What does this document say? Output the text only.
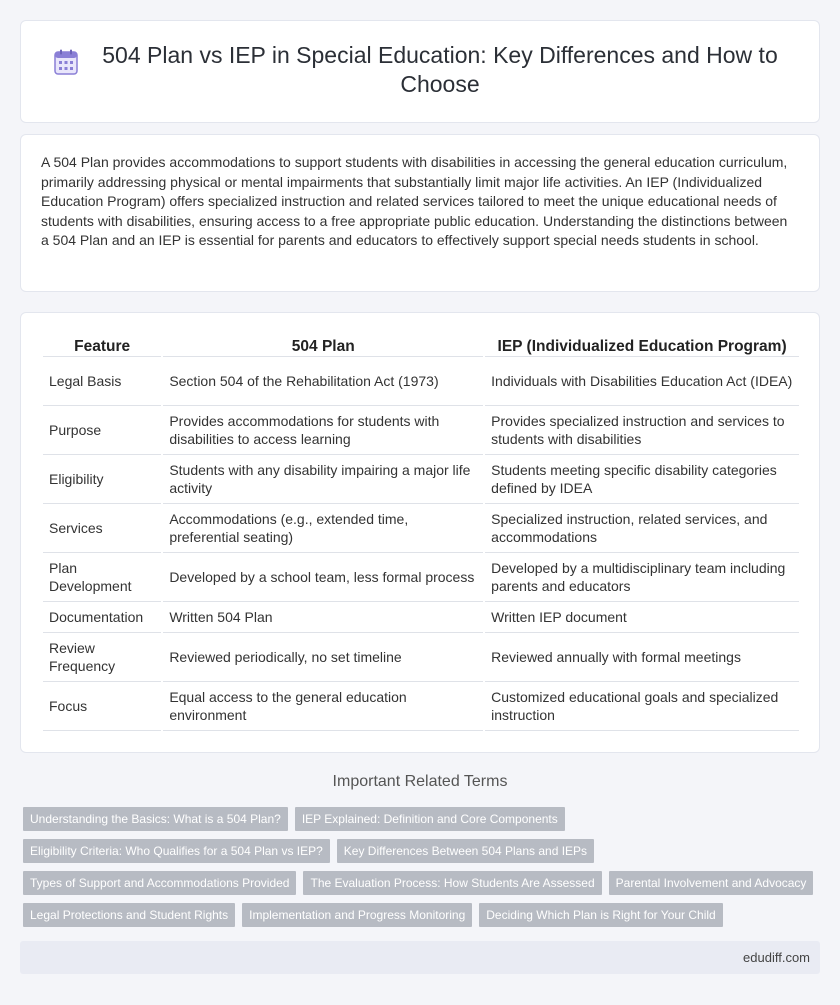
504 Plan vs IEP in Special Education: Key Differences and How to Choose

A 504 Plan provides accommodations to support students with disabilities in accessing the general education curriculum, primarily addressing physical or mental impairments that substantially limit major life activities. An IEP (Individualized Education Program) offers specialized instruction and related services tailored to meet the unique educational needs of students with disabilities, ensuring access to a free appropriate public education. Understanding the distinctions between a 504 Plan and an IEP is essential for parents and educators to effectively support special needs students in school.

Feature	504 Plan	IEP (Individualized Education Program)
Legal Basis	Section 504 of the Rehabilitation Act (1973)	Individuals with Disabilities Education Act (IDEA)
Purpose	Provides accommodations for students with disabilities to access learning	Provides specialized instruction and services to students with disabilities
Eligibility	Students with any disability impairing a major life activity	Students meeting specific disability categories defined by IDEA
Services	Accommodations (e.g., extended time, preferential seating)	Specialized instruction, related services, and accommodations
Plan Development	Developed by a school team, less formal process	Developed by a multidisciplinary team including parents and educators
Documentation	Written 504 Plan	Written IEP document
Review Frequency	Reviewed periodically, no set timeline	Reviewed annually with formal meetings
Focus	Equal access to the general education environment	Customized educational goals and specialized instruction
Important Related Terms
Understanding the Basics: What is a 504 Plan?	IEP Explained: Definition and Core Components
Eligibility Criteria: Who Qualifies for a 504 Plan vs IEP?	Key Differences Between 504 Plans and IEPs
Types of Support and Accommodations Provided	The Evaluation Process: How Students Are Assessed	Parental Involvement and Advocacy
Legal Protections and Student Rights	Implementation and Progress Monitoring	Deciding Which Plan is Right for Your Child
edudiff.com
